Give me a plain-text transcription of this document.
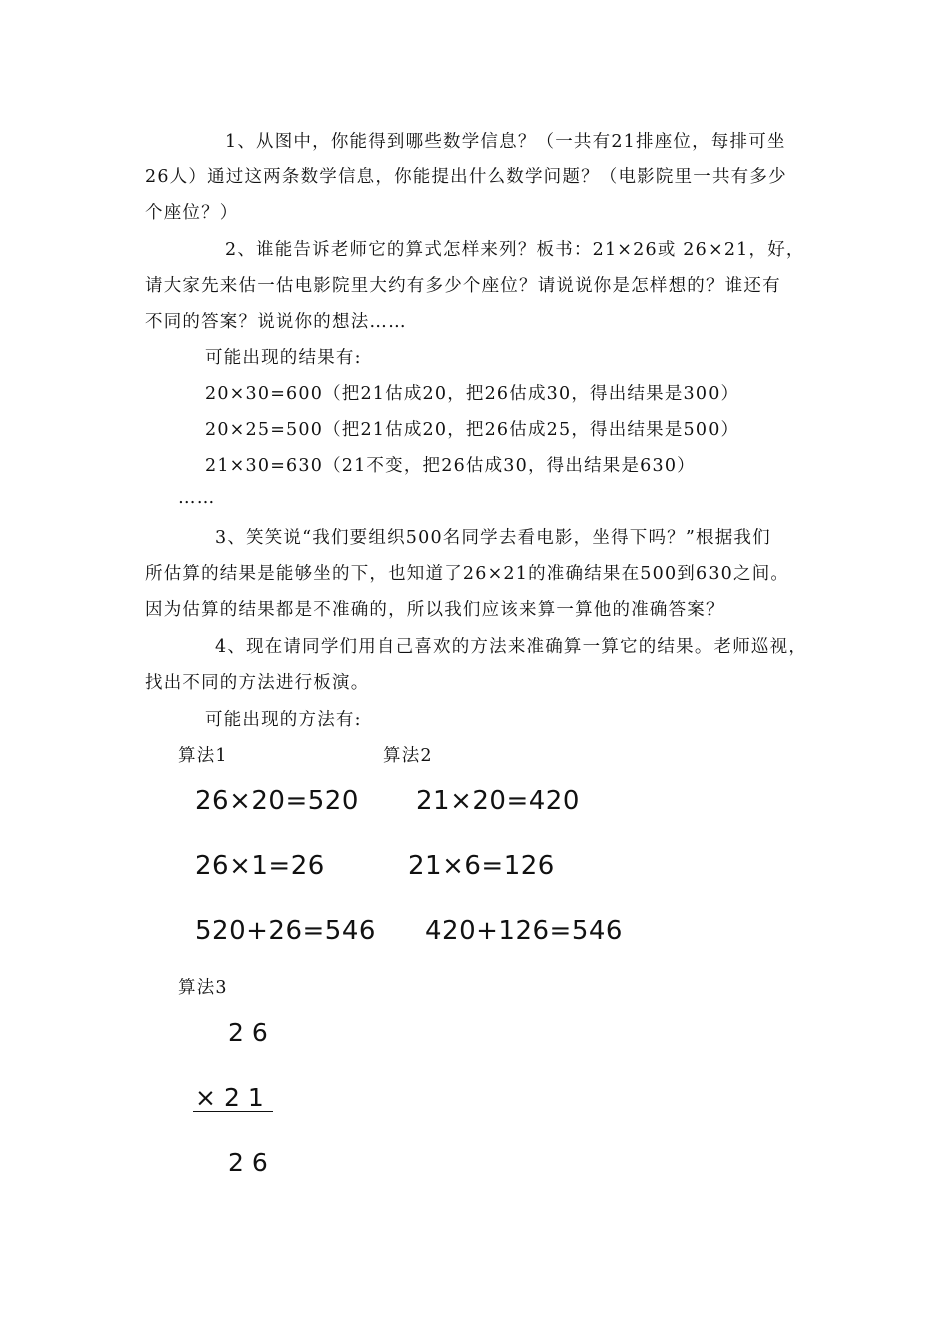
1、从图中，你能得到哪些数学信息？（一共有21排座位，每排可坐
26人）通过这两条数学信息，你能提出什么数学问题？（电影院里一共有多少
个座位？）
2、谁能告诉老师它的算式怎样来列？板书：21×26或 26×21，好，
请大家先来估一估电影院里大约有多少个座位？请说说你是怎样想的？谁还有
不同的答案？说说你的想法……
可能出现的结果有:
20×30=600（把21估成20，把26估成30，得出结果是300）
20×25=500（把21估成20，把26估成25，得出结果是500）
21×30=630（21不变，把26估成30，得出结果是630）
……
3、笑笑说“我们要组织500名同学去看电影，坐得下吗？”根据我们
所估算的结果是能够坐的下，也知道了26×21的准确结果在500到630之间。
因为估算的结果都是不准确的，所以我们应该来算一算他的准确答案？
4、现在请同学们用自己喜欢的方法来准确算一算它的结果。老师巡视，
找出不同的方法进行板演。
可能出现的方法有:
算法1	算法2
26×20=520
26×1=26
520+26=546
21×20=420
21×6=126
420+126=546
算法3
26
×21
26
